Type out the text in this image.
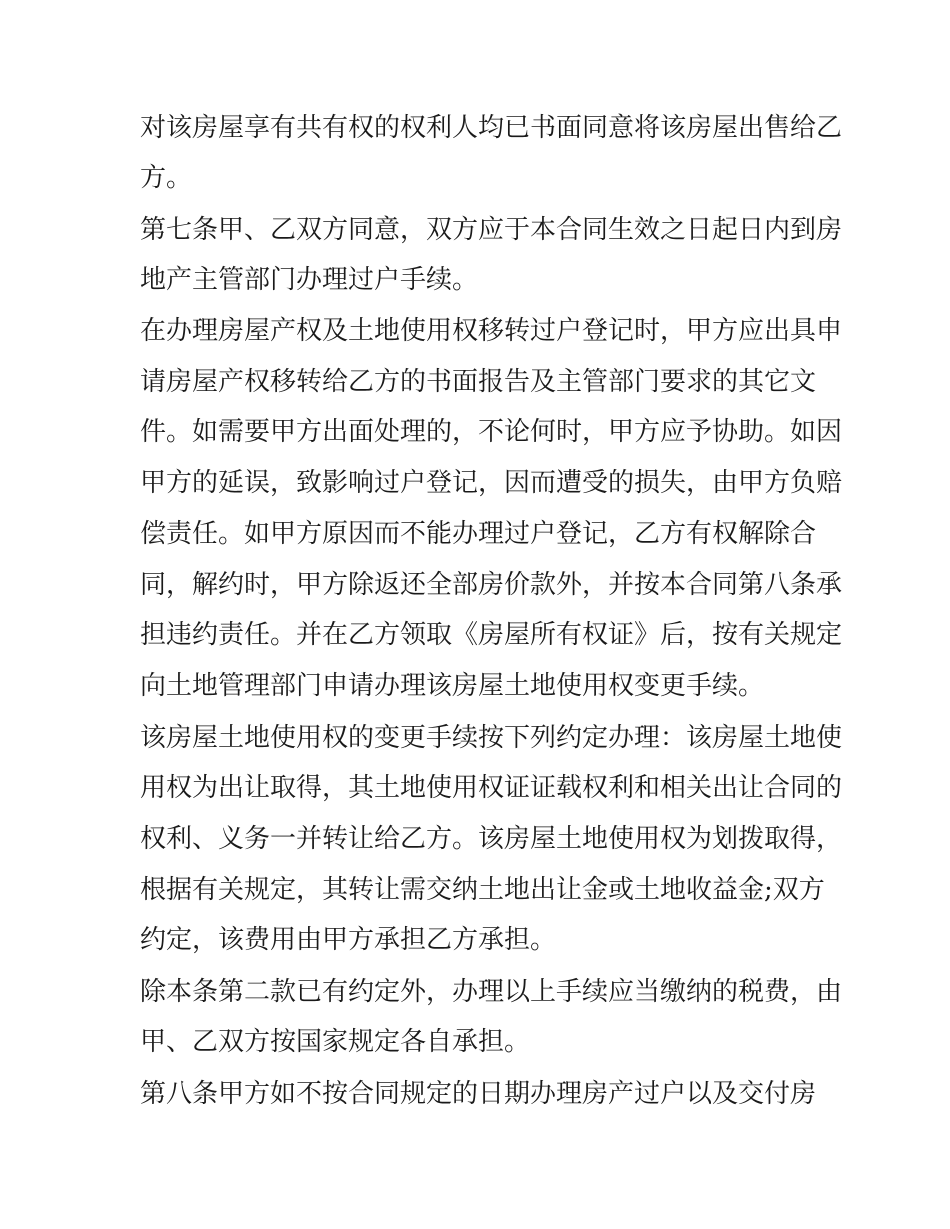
对该房屋享有共有权的权利人均已书面同意将该房屋出售给乙
方。
第七条甲、乙双方同意，双方应于本合同生效之日起日内到房
地产主管部门办理过户手续。
在办理房屋产权及土地使用权移转过户登记时，甲方应出具申
请房屋产权移转给乙方的书面报告及主管部门要求的其它文
件。如需要甲方出面处理的，不论何时，甲方应予协助。如因
甲方的延误，致影响过户登记，因而遭受的损失，由甲方负赔
偿责任。如甲方原因而不能办理过户登记，乙方有权解除合
同，解约时，甲方除返还全部房价款外，并按本合同第八条承
担违约责任。并在乙方领取《房屋所有权证》后，按有关规定
向土地管理部门申请办理该房屋土地使用权变更手续。
该房屋土地使用权的变更手续按下列约定办理：该房屋土地使
用权为出让取得，其土地使用权证证载权利和相关出让合同的
权利、义务一并转让给乙方。该房屋土地使用权为划拨取得，
根据有关规定，其转让需交纳土地出让金或土地收益金;双方
约定，该费用由甲方承担乙方承担。
除本条第二款已有约定外，办理以上手续应当缴纳的税费，由
甲、乙双方按国家规定各自承担。
第八条甲方如不按合同规定的日期办理房产过户以及交付房
